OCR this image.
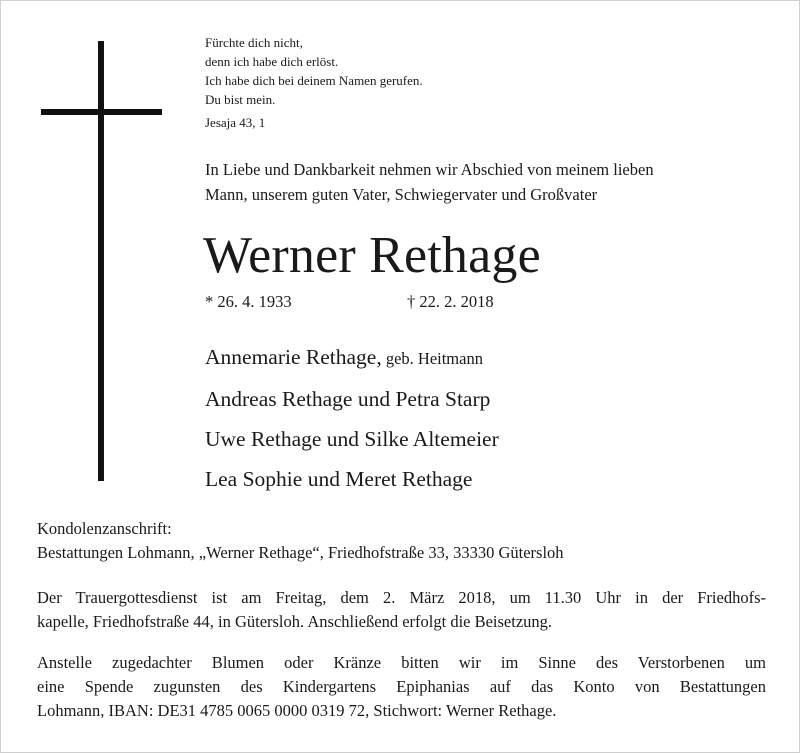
Fürchte dich nicht,
denn ich habe dich erlöst.
Ich habe dich bei deinem Namen gerufen.
Du bist mein.
Jesaja 43, 1
In Liebe und Dankbarkeit nehmen wir Abschied von meinem lieben
Mann, unserem guten Vater, Schwiegervater und Großvater
Werner Rethage
* 26. 4. 1933	† 22. 2. 2018
Annemarie Rethage, geb. Heitmann
Andreas Rethage und Petra Starp
Uwe Rethage und Silke Altemeier
Lea Sophie und Meret Rethage
Kondolenzanschrift:
Bestattungen Lohmann, „Werner Rethage“, Friedhofstraße 33, 33330 Gütersloh
Der Trauergottesdienst ist am Freitag, dem 2. März 2018, um 11.30 Uhr in der Friedhofs-
kapelle, Friedhofstraße 44, in Gütersloh. Anschließend erfolgt die Beisetzung.
Anstelle zugedachter Blumen oder Kränze bitten wir im Sinne des Verstorbenen um
eine Spende zugunsten des Kindergartens Epiphanias auf das Konto von Bestattungen
Lohmann, IBAN: DE31 4785 0065 0000 0319 72, Stichwort: Werner Rethage.
